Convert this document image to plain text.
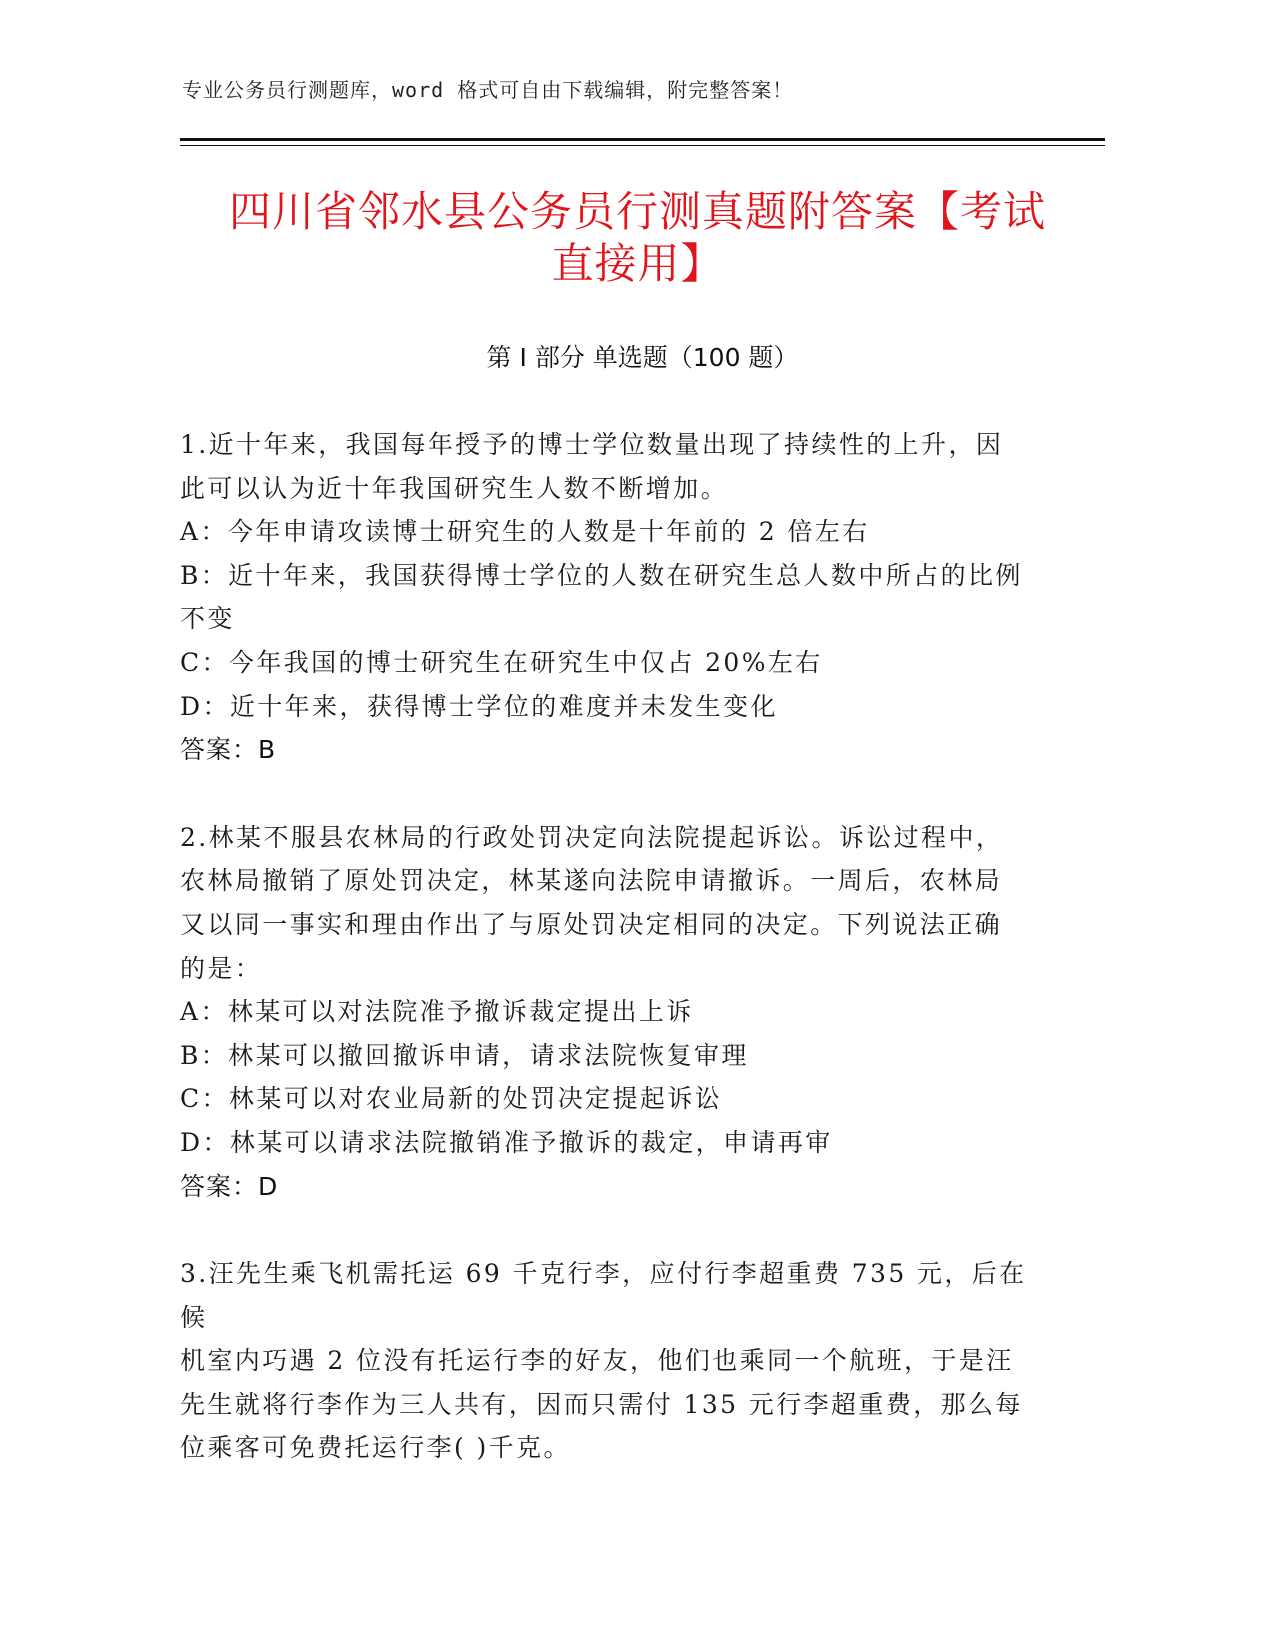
专业公务员行测题库，word 格式可自由下载编辑，附完整答案！
四川省邻水县公务员行测真题附答案【考试
直接用】
第 I 部分 单选题（100 题）
1.近十年来，我国每年授予的博士学位数量出现了持续性的上升，因
此可以认为近十年我国研究生人数不断增加。
A：今年申请攻读博士研究生的人数是十年前的 2 倍左右
B：近十年来，我国获得博士学位的人数在研究生总人数中所占的比例
不变
C：今年我国的博士研究生在研究生中仅占 20%左右
D：近十年来，获得博士学位的难度并未发生变化
答案：B
2.林某不服县农林局的行政处罚决定向法院提起诉讼。诉讼过程中，
农林局撤销了原处罚决定，林某遂向法院申请撤诉。一周后，农林局
又以同一事实和理由作出了与原处罚决定相同的决定。下列说法正确
的是：
A：林某可以对法院准予撤诉裁定提出上诉
B：林某可以撤回撤诉申请，请求法院恢复审理
C：林某可以对农业局新的处罚决定提起诉讼
D：林某可以请求法院撤销准予撤诉的裁定，申请再审
答案：D
3.汪先生乘飞机需托运 69 千克行李，应付行李超重费 735 元，后在候
机室内巧遇 2 位没有托运行李的好友，他们也乘同一个航班，于是汪
先生就将行李作为三人共有，因而只需付 135 元行李超重费，那么每
位乘客可免费托运行李( )千克。
